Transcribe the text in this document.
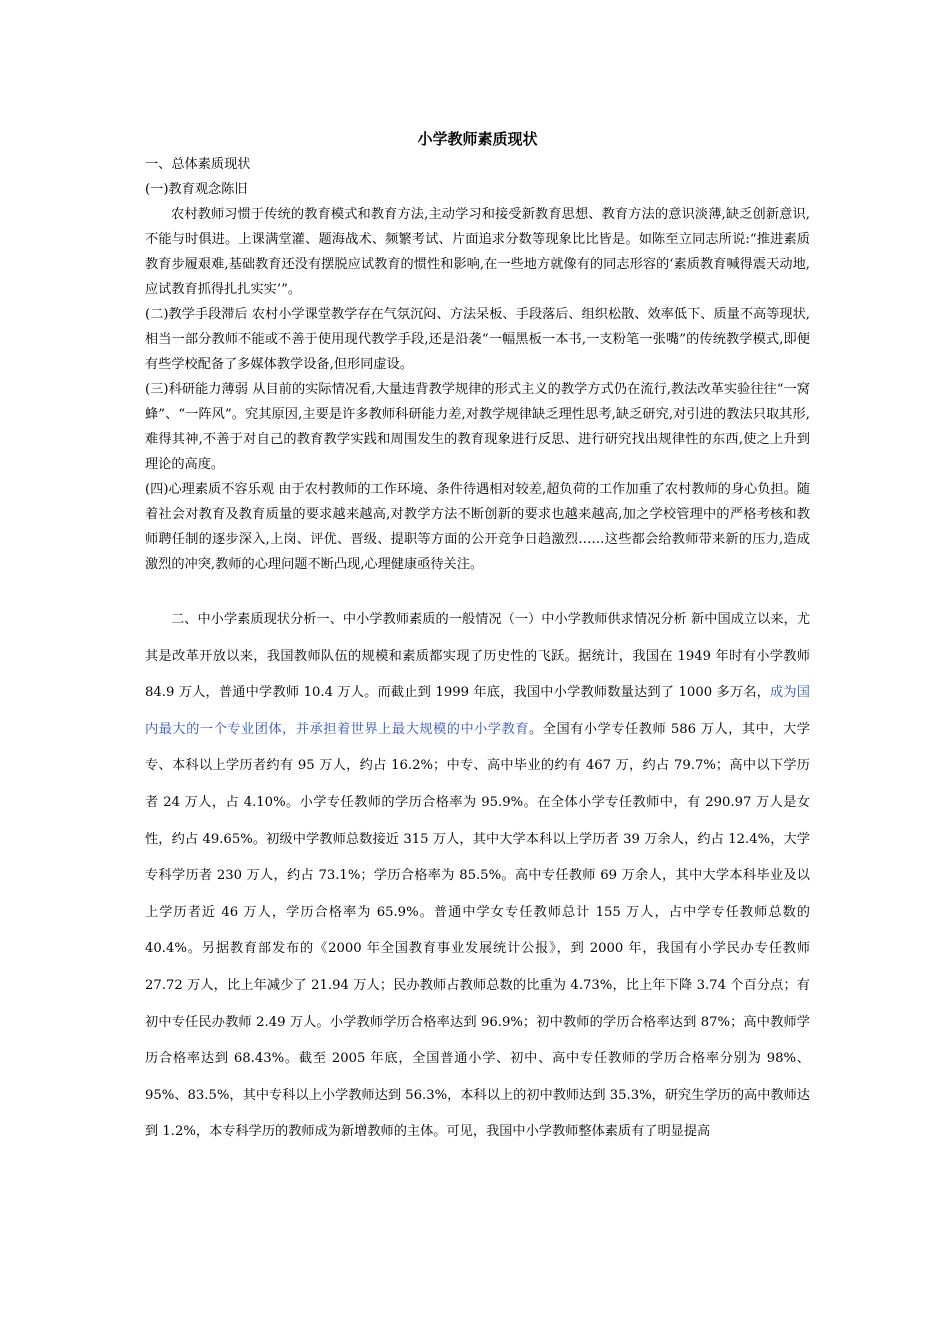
小学教师素质现状

一、总体素质现状

(一)教育观念陈旧

农村教师习惯于传统的教育模式和教育方法,主动学习和接受新教育思想、教育方法的意识淡薄,缺乏创新意识,不能与时俱进。上课满堂灌、题海战术、频繁考试、片面追求分数等现象比比皆是。如陈至立同志所说:“推进素质教育步履艰难,基础教育还没有摆脱应试教育的惯性和影响,在一些地方就像有的同志形容的‘素质教育喊得震天动地,应试教育抓得扎扎实实’”。

(二)教学手段滞后 农村小学课堂教学存在气氛沉闷、方法呆板、手段落后、组织松散、效率低下、质量不高等现状,相当一部分教师不能或不善于使用现代教学手段,还是沿袭“一幅黑板一本书,一支粉笔一张嘴”的传统教学模式,即便有些学校配备了多媒体教学设备,但形同虚设。

(三)科研能力薄弱 从目前的实际情况看,大量违背教学规律的形式主义的教学方式仍在流行,教法改革实验往往“一窝蜂”、“一阵风”。究其原因,主要是许多教师科研能力差,对教学规律缺乏理性思考,缺乏研究,对引进的教法只取其形,难得其神,不善于对自己的教育教学实践和周围发生的教育现象进行反思、进行研究找出规律性的东西,使之上升到理论的高度。

(四)心理素质不容乐观 由于农村教师的工作环境、条件待遇相对较差,超负荷的工作加重了农村教师的身心负担。随着社会对教育及教育质量的要求越来越高,对教学方法不断创新的要求也越来越高,加之学校管理中的严格考核和教师聘任制的逐步深入,上岗、评优、晋级、提职等方面的公开竞争日趋激烈……这些都会给教师带来新的压力,造成激烈的冲突,教师的心理问题不断凸现,心理健康亟待关注。

二、中小学素质现状分析一、中小学教师素质的一般情况（一）中小学教师供求情况分析 新中国成立以来，尤其是改革开放以来，我国教师队伍的规模和素质都实现了历史性的飞跃。据统计，我国在 1949 年时有小学教师 84.9 万人，普通中学教师 10.4 万人。而截止到 1999 年底，我国中小学教师数量达到了 1000 多万名，成为国内最大的一个专业团体，并承担着世界上最大规模的中小学教育。全国有小学专任教师 586 万人，其中，大学专、本科以上学历者约有 95 万人，约占 16.2%；中专、高中毕业的约有 467 万，约占 79.7%；高中以下学历者 24 万人，占 4.10%。小学专任教师的学历合格率为 95.9%。在全体小学专任教师中，有 290.97 万人是女性，约占 49.65%。初级中学教师总数接近 315 万人，其中大学本科以上学历者 39 万余人，约占 12.4%，大学专科学历者 230 万人，约占 73.1%；学历合格率为 85.5%。高中专任教师 69 万余人，其中大学本科毕业及以上学历者近 46 万人，学历合格率为 65.9%。普通中学女专任教师总计 155 万人，占中学专任教师总数的 40.4%。另据教育部发布的《2000 年全国教育事业发展统计公报》，到 2000 年，我国有小学民办专任教师 27.72 万人，比上年减少了 21.94 万人；民办教师占教师总数的比重为 4.73%，比上年下降 3.74 个百分点；有初中专任民办教师 2.49 万人。小学教师学历合格率达到 96.9%；初中教师的学历合格率达到 87%；高中教师学历合格率达到 68.43%。截至 2005 年底，全国普通小学、初中、高中专任教师的学历合格率分别为 98%、95%、83.5%，其中专科以上小学教师达到 56.3%，本科以上的初中教师达到 35.3%，研究生学历的高中教师达到 1.2%，本专科学历的教师成为新增教师的主体。可见，我国中小学教师整体素质有了明显提高
